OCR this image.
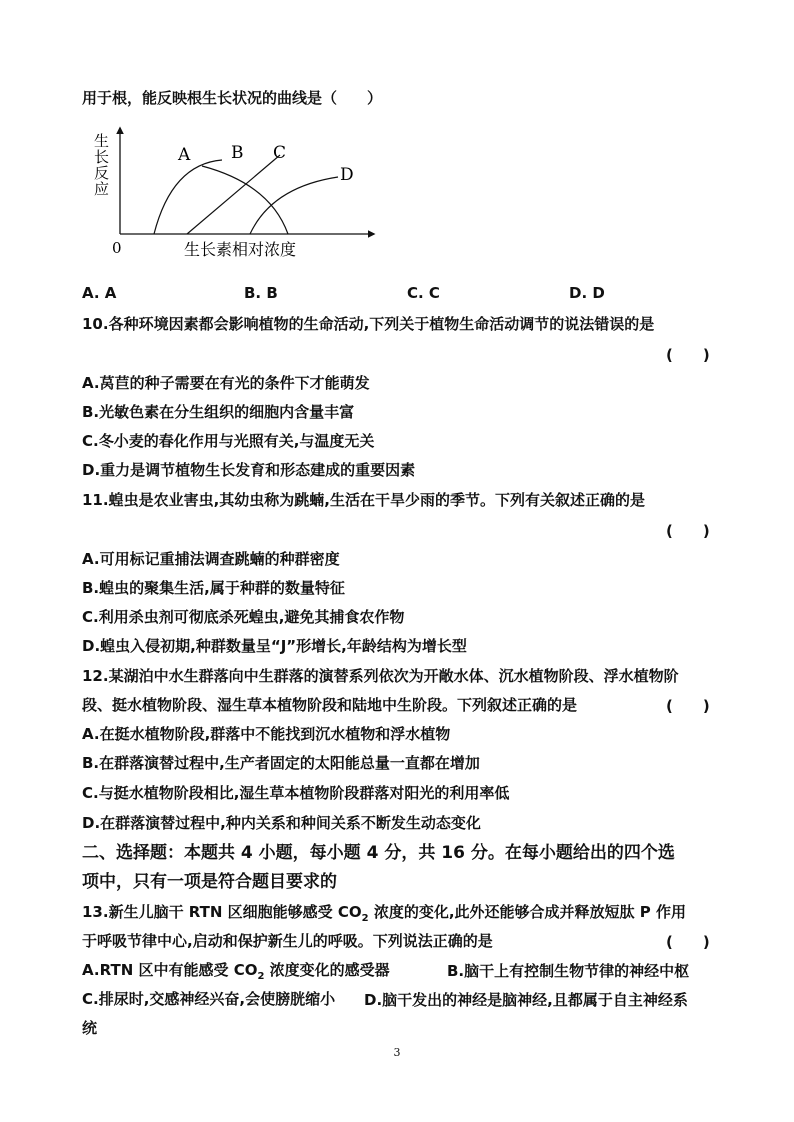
用于根，能反映根生长状况的曲线是（　　）
生
长
反
应
0	生长素相对浓度
A B C
D
A. A	B. B	C. C	D. D
10.各种环境因素都会影响植物的生命活动,下列关于植物生命活动调节的说法错误的是
(　　)
A.莴苣的种子需要在有光的条件下才能萌发
B.光敏色素在分生组织的细胞内含量丰富
C.冬小麦的春化作用与光照有关,与温度无关
D.重力是调节植物生长发育和形态建成的重要因素
11.蝗虫是农业害虫,其幼虫称为跳蝻,生活在干旱少雨的季节。下列有关叙述正确的是
(　　)
A.可用标记重捕法调查跳蝻的种群密度
B.蝗虫的聚集生活,属于种群的数量特征
C.利用杀虫剂可彻底杀死蝗虫,避免其捕食农作物
D.蝗虫入侵初期,种群数量呈“J”形增长,年龄结构为增长型
12.某湖泊中水生群落向中生群落的演替系列依次为开敞水体、沉水植物阶段、浮水植物阶
段、挺水植物阶段、湿生草本植物阶段和陆地中生阶段。下列叙述正确的是	(　　)
A.在挺水植物阶段,群落中不能找到沉水植物和浮水植物
B.在群落演替过程中,生产者固定的太阳能总量一直都在增加
C.与挺水植物阶段相比,湿生草本植物阶段群落对阳光的利用率低
D.在群落演替过程中,种内关系和种间关系不断发生动态变化
二、选择题：本题共 4 小题，每小题 4 分，共 16 分。在每小题给出的四个选
项中，只有一项是符合题目要求的
13.新生儿脑干 RTN 区细胞能够感受 $CO_2$ 浓度的变化,此外还能够合成并释放短肽 P 作用
于呼吸节律中心,启动和保护新生儿的呼吸。下列说法正确的是	(　　)
A.RTN 区中有能感受 $CO_2$ 浓度变化的感受器	B.脑干上有控制生物节律的神经中枢
C.排尿时,交感神经兴奋,会使膀胱缩小 D.脑干发出的神经是脑神经,且都属于自主神经系
统
3
